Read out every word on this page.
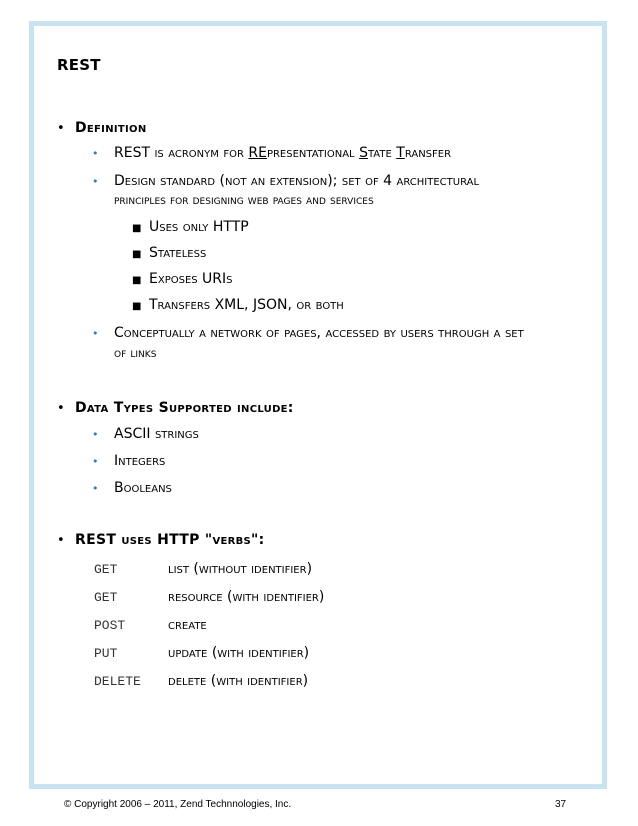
REST
• Definition
• REST is acronym for REpresentational State Transfer
• Design standard (not an extension); set of 4 architectural
principles for designing web pages and services
■ Uses only HTTP
■ Stateless
■ Exposes URIs
■ Transfers XML, JSON, or both
• Conceptually a network of pages, accessed by users through a set
of links
• Data Types Supported include:
• ASCII strings
• Integers
• Booleans
• REST uses HTTP "verbs":
GET	list (without identifier)
GET	resource (with identifier)
POST	create
PUT	update (with identifier)
DELETE delete (with identifier)
© Copyright 2006 – 2011, Zend Technnologies, Inc.	37
